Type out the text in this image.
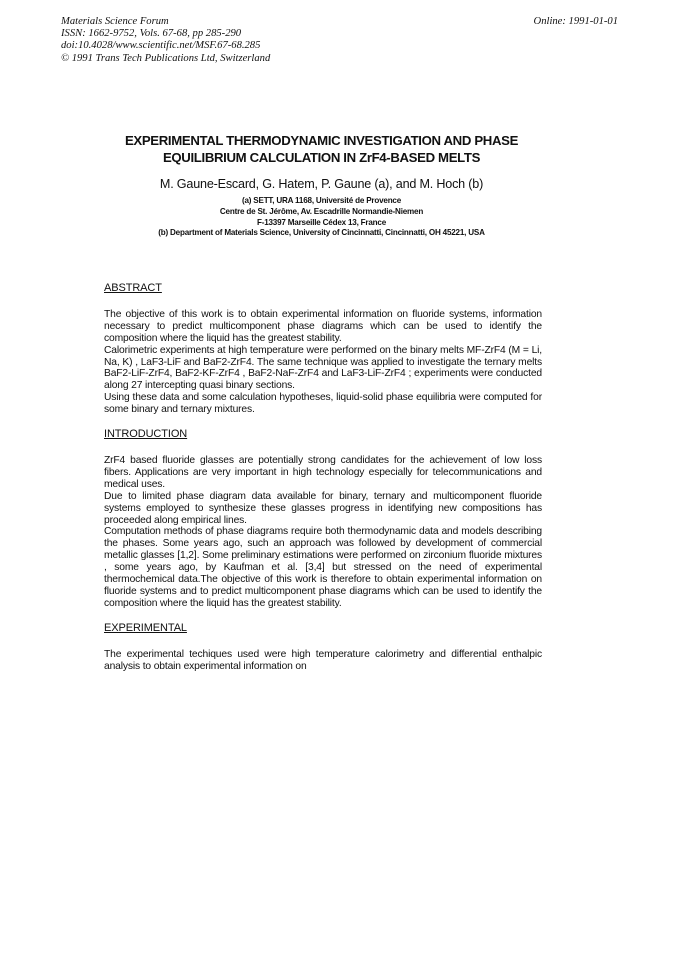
Materials Science Forum
ISSN: 1662-9752, Vols. 67-68, pp 285-290
doi:10.4028/www.scientific.net/MSF.67-68.285
© 1991 Trans Tech Publications Ltd, Switzerland
Online: 1991-01-01
EXPERIMENTAL THERMODYNAMIC INVESTIGATION AND PHASE
EQUILIBRIUM CALCULATION IN ZrF4-BASED MELTS
M. Gaune-Escard, G. Hatem, P. Gaune (a), and M. Hoch (b)
(a) SETT, URA 1168, Université de Provence
Centre de St. Jérôme, Av. Escadrille Normandie-Niemen
F-13397 Marseille Cédex 13, France
(b) Department of Materials Science, University of Cincinnatti, Cincinnatti, OH 45221, USA
ABSTRACT

The objective of this work is to obtain experimental information on fluoride systems, information necessary to predict multicomponent phase diagrams which can be used to identify the composition where the liquid has the greatest stability.

Calorimetric experiments at high temperature were performed on the binary melts MF-ZrF4 (M = Li, Na, K) , LaF3-LiF and BaF2-ZrF4. The same technique was applied to investigate the ternary melts BaF2-LiF-ZrF4, BaF2-KF-ZrF4 , BaF2-NaF-ZrF4 and LaF3-LiF-ZrF4 ; experiments were conducted along 27 intercepting quasi binary sections.

Using these data and some calculation hypotheses, liquid-solid phase equilibria were computed for some binary and ternary mixtures.

INTRODUCTION

ZrF4 based fluoride glasses are potentially strong candidates for the achievement of low loss fibers. Applications are very important in high technology especially for telecommunications and medical uses.

Due to limited phase diagram data available for binary, ternary and multicomponent fluoride systems employed to synthesize these glasses progress in identifying new compositions has proceeded along empirical lines.

Computation methods of phase diagrams require both thermodynamic data and models describing the phases. Some years ago, such an approach was followed by development of commercial metallic glasses [1,2]. Some preliminary estimations were performed on zirconium fluoride mixtures , some years ago, by Kaufman et al. [3,4] but stressed on the need of experimental thermochemical data.The objective of this work is therefore to obtain experimental information on fluoride systems and to predict multicomponent phase diagrams which can be used to identify the composition where the liquid has the greatest stability.

EXPERIMENTAL

The experimental techiques used were high temperature calorimetry and differential enthalpic analysis to obtain experimental information on
